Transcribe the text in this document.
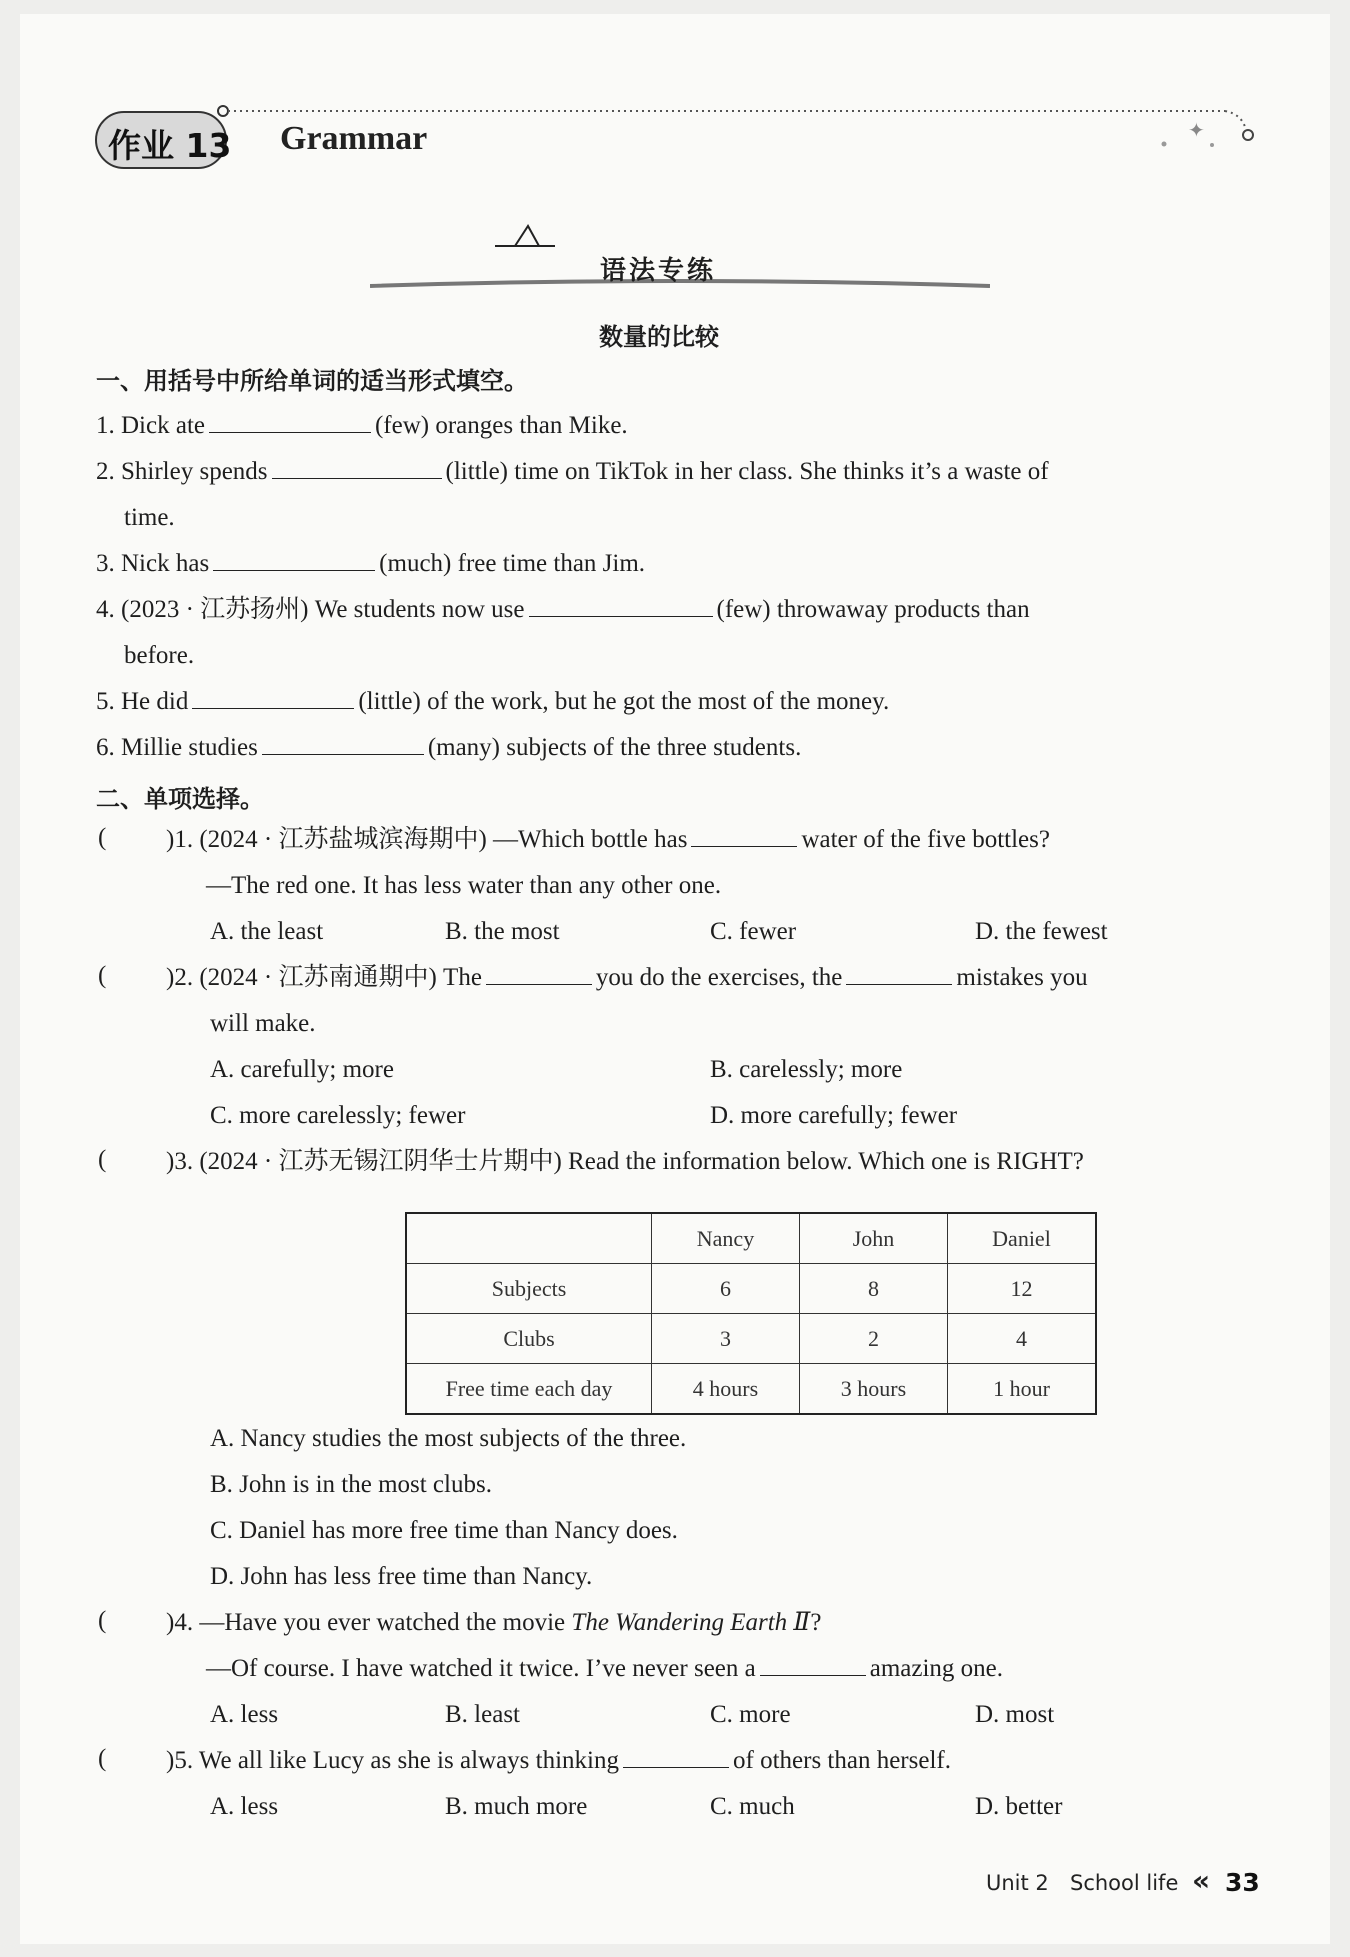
✦
作业 13 Grammar
语法专练
数量的比较
一、用括号中所给单词的适当形式填空。
1. Dick ate	(few) oranges than Mike.
2. Shirley spends	(little) time on TikTok in her class. She thinks it’s a waste of
time.
3. Nick has	(much) free time than Jim.
4. (2023 · 江苏扬州) We students now use	(few) throwaway products than
before.
5. He did	(little) of the work, but he got the most of the money.
6. Millie studies	(many) subjects of the three students.
二、单项选择。
( )1. (2024 · 江苏盐城滨海期中) —Which bottle has	water of the five bottles?
—The red one. It has less water than any other one.
A. the least	B. the most	C. fewer	D. the fewest
( )2. (2024 · 江苏南通期中) The	you do the exercises, the	mistakes you
will make.
A. carefully; more	B. carelessly; more
C. more carelessly; fewer	D. more carefully; fewer
( )3. (2024 · 江苏无锡江阴华士片期中) Read the information below. Which one is RIGHT?
	Nancy	John	Daniel
Subjects	6	8	12
Clubs	3	2	4
Free time each day	4 hours	3 hours	1 hour
A. Nancy studies the most subjects of the three.
B. John is in the most clubs.
C. Daniel has more free time than Nancy does.
D. John has less free time than Nancy.
( )4. —Have you ever watched the movie The Wandering Earth Ⅱ?
—Of course. I have watched it twice. I’ve never seen a	amazing one.
A. less	B. least	C. more	D. most
( )5. We all like Lucy as she is always thinking	of others than herself.
A. less	B. much more	C. much	D. better
Unit 2 School life « 33
